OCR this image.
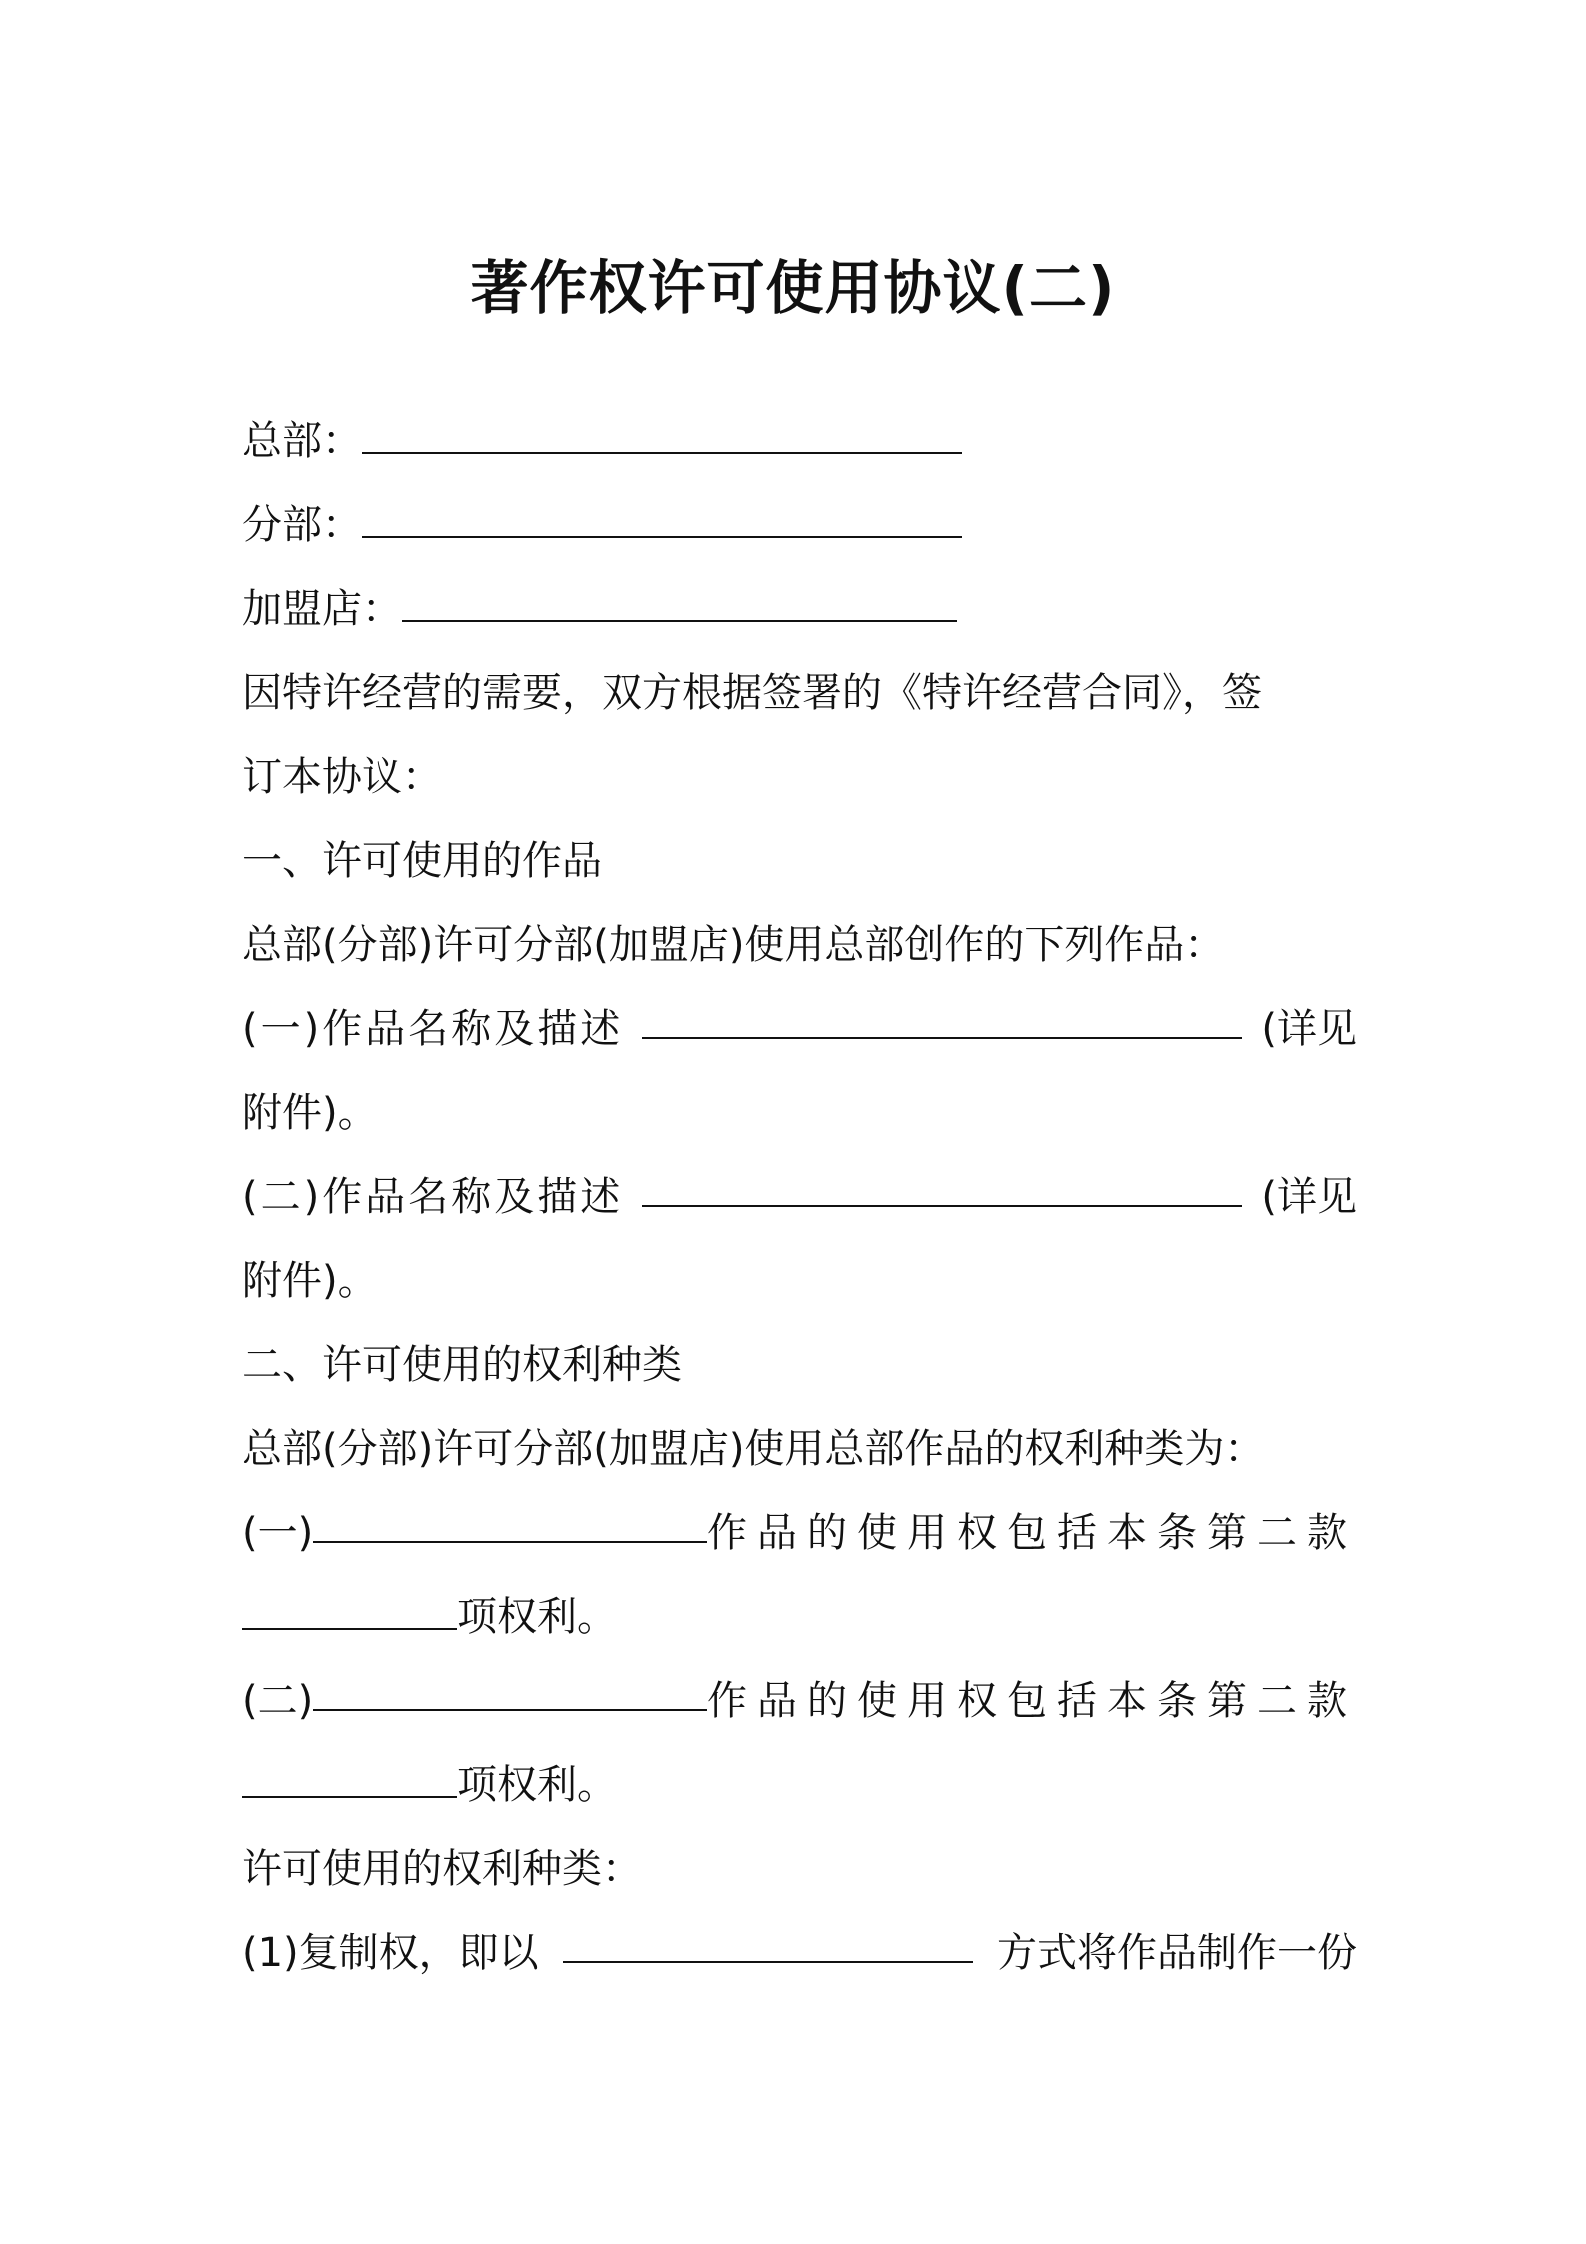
著作权许可使用协议(二)
总部：
分部：
加盟店：
因特许经营的需要，双方根据签署的《特许经营合同》，签
订本协议：
一、许可使用的作品
总部(分部)许可分部(加盟店)使用总部创作的下列作品：
(一)作品名称及描述	(详见
附件)。
(二)作品名称及描述	(详见
附件)。
二、许可使用的权利种类
总部(分部)许可分部(加盟店)使用总部作品的权利种类为：
(一)	作品的使用权包括本条第二款
项权利。
(二)	作品的使用权包括本条第二款
项权利。
许可使用的权利种类：
(1)复制权，即以	方式将作品制作一份
